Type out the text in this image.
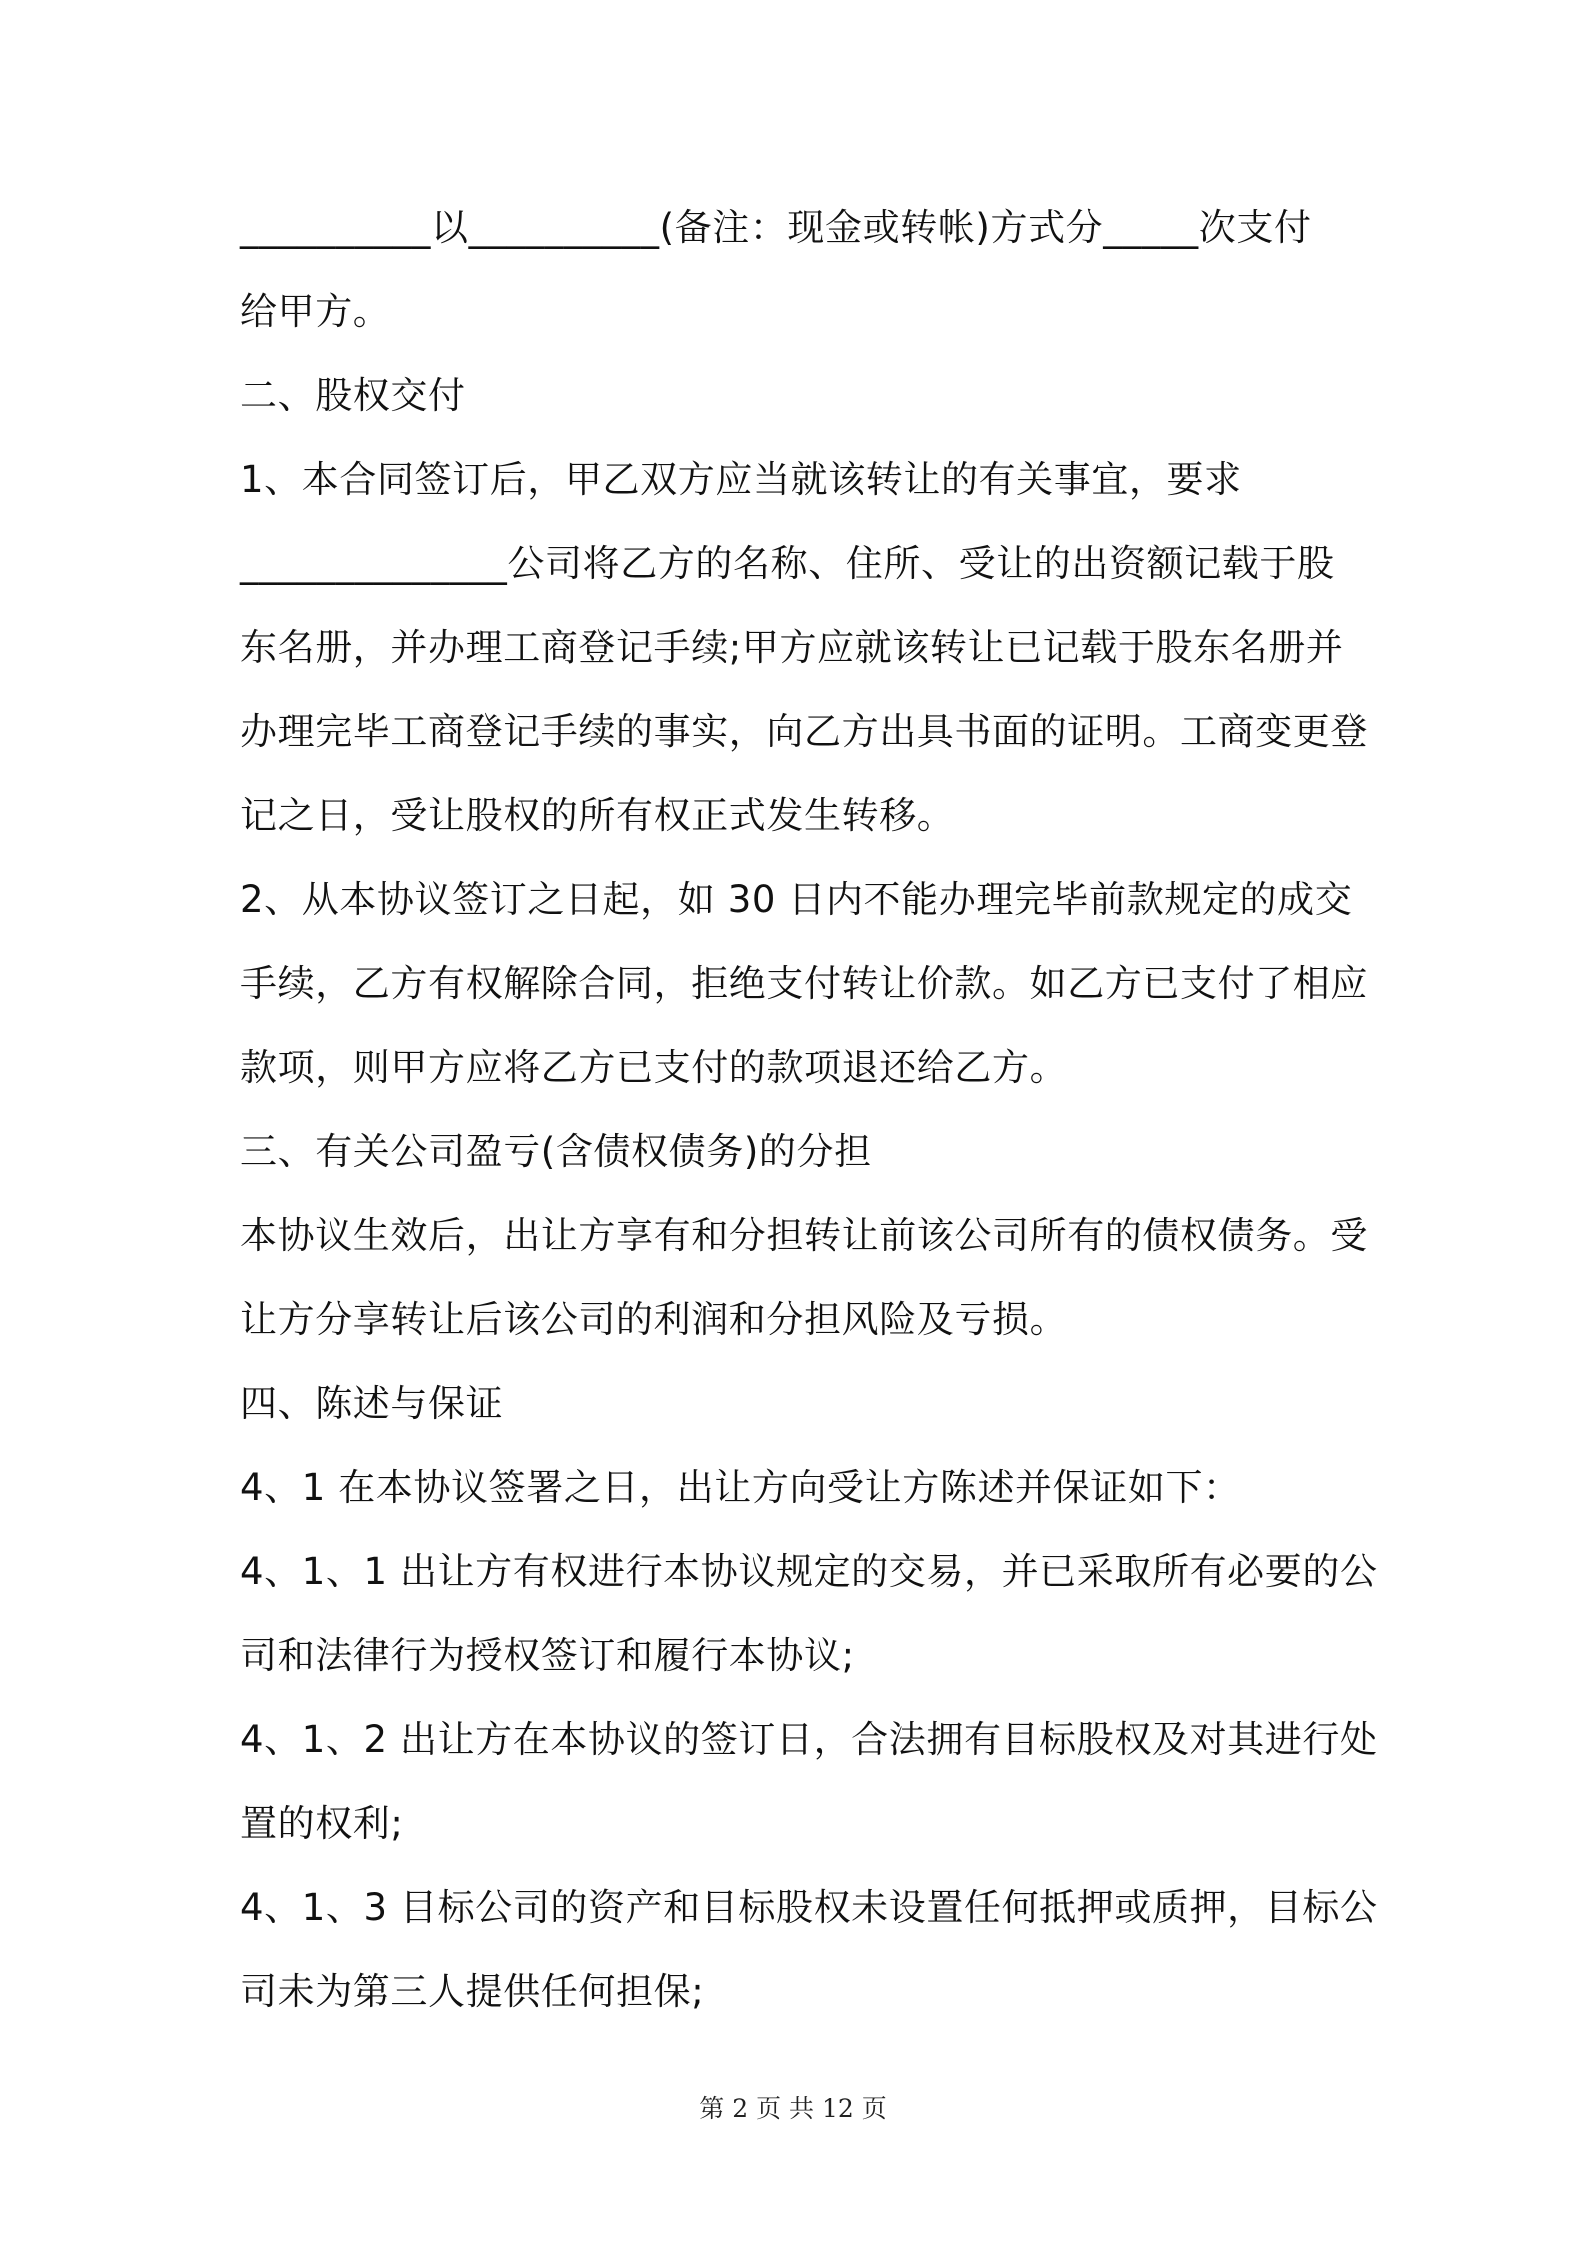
__________以__________(备注：现金或转帐)方式分_____次支付
给甲方。
二、股权交付
1、本合同签订后，甲乙双方应当就该转让的有关事宜，要求
______________公司将乙方的名称、住所、受让的出资额记载于股
东名册，并办理工商登记手续;甲方应就该转让已记载于股东名册并
办理完毕工商登记手续的事实，向乙方出具书面的证明。工商变更登
记之日，受让股权的所有权正式发生转移。
2、从本协议签订之日起，如 30 日内不能办理完毕前款规定的成交
手续，乙方有权解除合同，拒绝支付转让价款。如乙方已支付了相应
款项，则甲方应将乙方已支付的款项退还给乙方。
三、有关公司盈亏(含债权债务)的分担
本协议生效后，出让方享有和分担转让前该公司所有的债权债务。受
让方分享转让后该公司的利润和分担风险及亏损。
四、陈述与保证
4、1 在本协议签署之日，出让方向受让方陈述并保证如下：
4、1、1 出让方有权进行本协议规定的交易，并已采取所有必要的公
司和法律行为授权签订和履行本协议;
4、1、2 出让方在本协议的签订日，合法拥有目标股权及对其进行处
置的权利;
4、1、3 目标公司的资产和目标股权未设置任何抵押或质押，目标公
司未为第三人提供任何担保;
第 2 页 共 12 页
